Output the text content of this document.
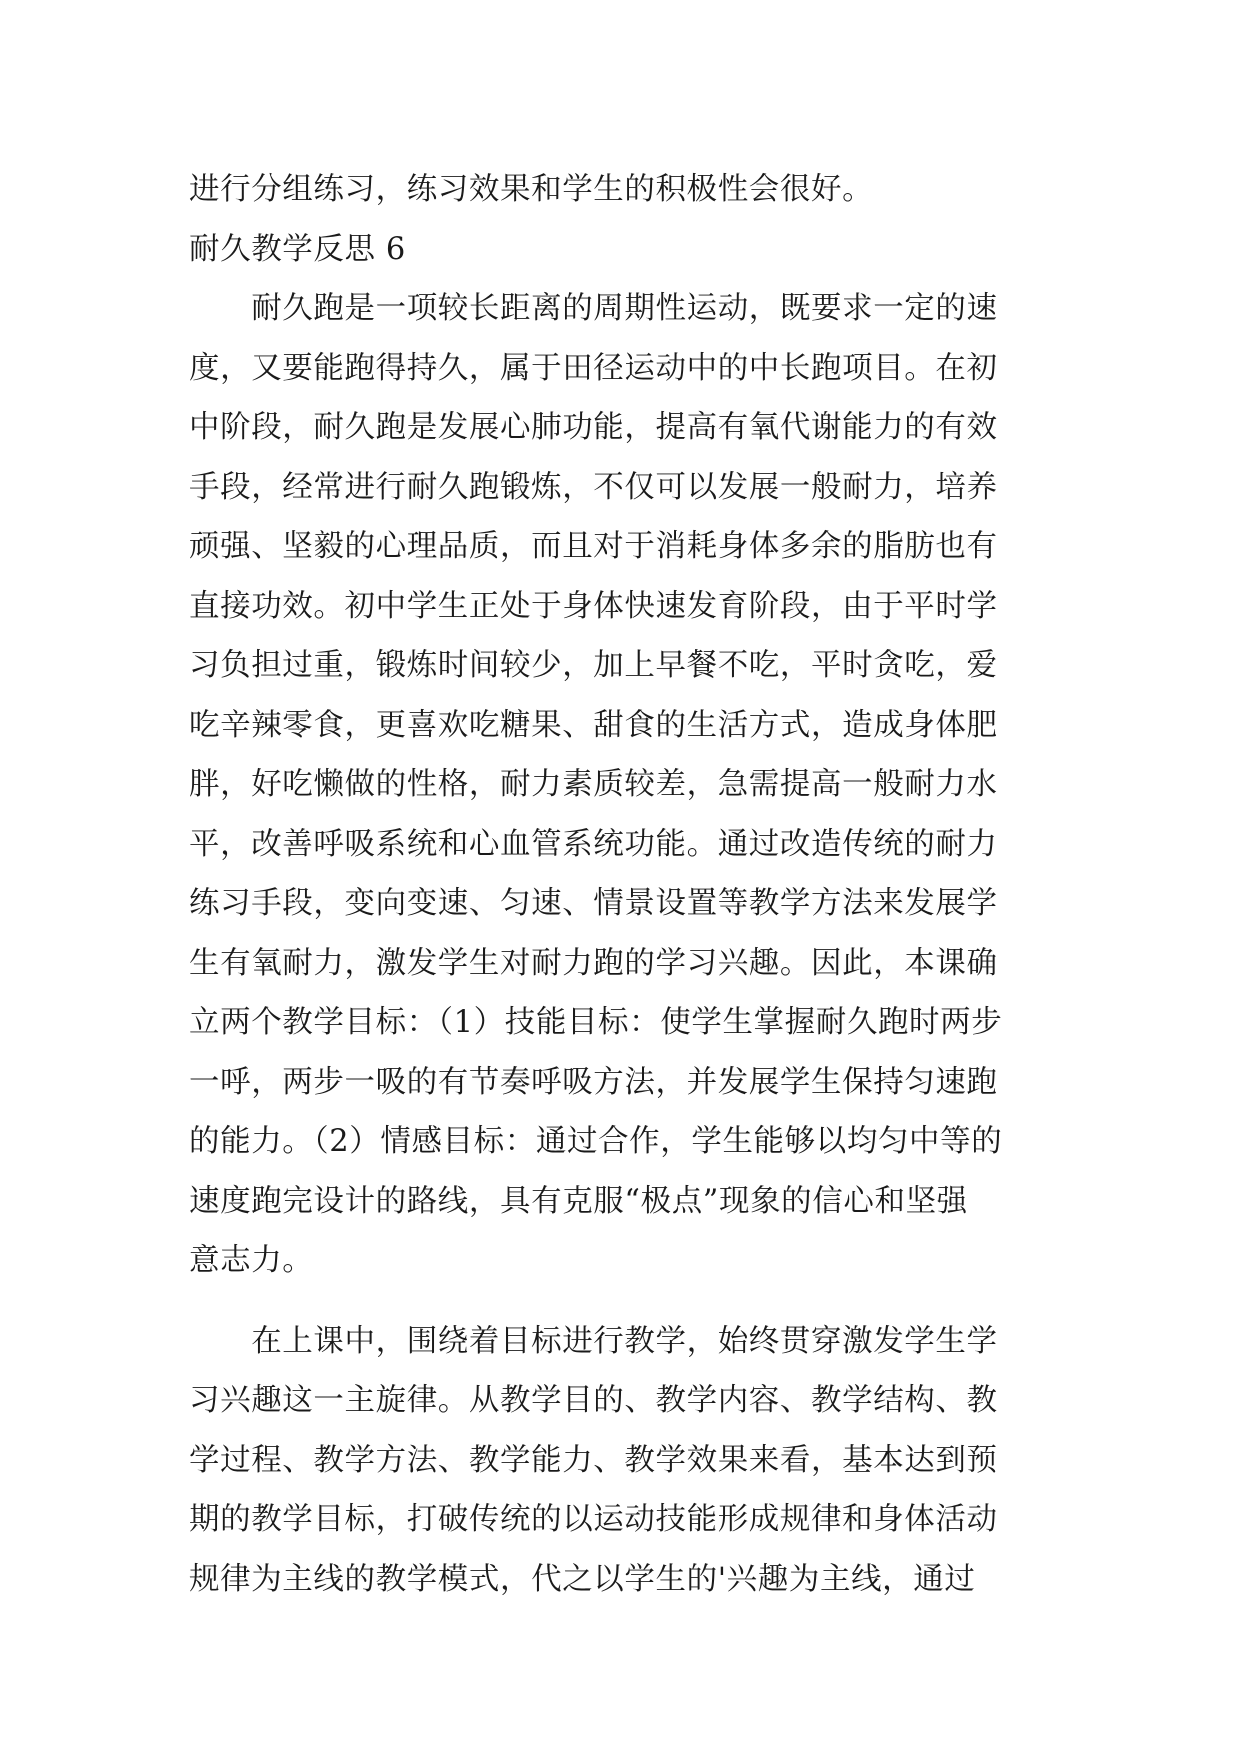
进行分组练习，练习效果和学生的积极性会很好。
耐久教学反思 6
　　耐久跑是一项较长距离的周期性运动，既要求一定的速
度，又要能跑得持久，属于田径运动中的中长跑项目。在初
中阶段，耐久跑是发展心肺功能，提高有氧代谢能力的有效
手段，经常进行耐久跑锻炼，不仅可以发展一般耐力，培养
顽强、坚毅的心理品质，而且对于消耗身体多余的脂肪也有
直接功效。初中学生正处于身体快速发育阶段，由于平时学
习负担过重，锻炼时间较少，加上早餐不吃，平时贪吃，爱
吃辛辣零食，更喜欢吃糖果、甜食的生活方式，造成身体肥
胖，好吃懒做的性格，耐力素质较差，急需提高一般耐力水
平，改善呼吸系统和心血管系统功能。通过改造传统的耐力
练习手段，变向变速、匀速、情景设置等教学方法来发展学
生有氧耐力，激发学生对耐力跑的学习兴趣。因此，本课确
立两个教学目标：（1）技能目标：使学生掌握耐久跑时两步
一呼，两步一吸的有节奏呼吸方法，并发展学生保持匀速跑
的能力。（2）情感目标：通过合作，学生能够以均匀中等的
速度跑完设计的路线，具有克服“极点”现象的信心和坚强
意志力。
　　在上课中，围绕着目标进行教学，始终贯穿激发学生学
习兴趣这一主旋律。从教学目的、教学内容、教学结构、教
学过程、教学方法、教学能力、教学效果来看，基本达到预
期的教学目标，打破传统的以运动技能形成规律和身体活动
规律为主线的教学模式，代之以学生的'兴趣为主线，通过
